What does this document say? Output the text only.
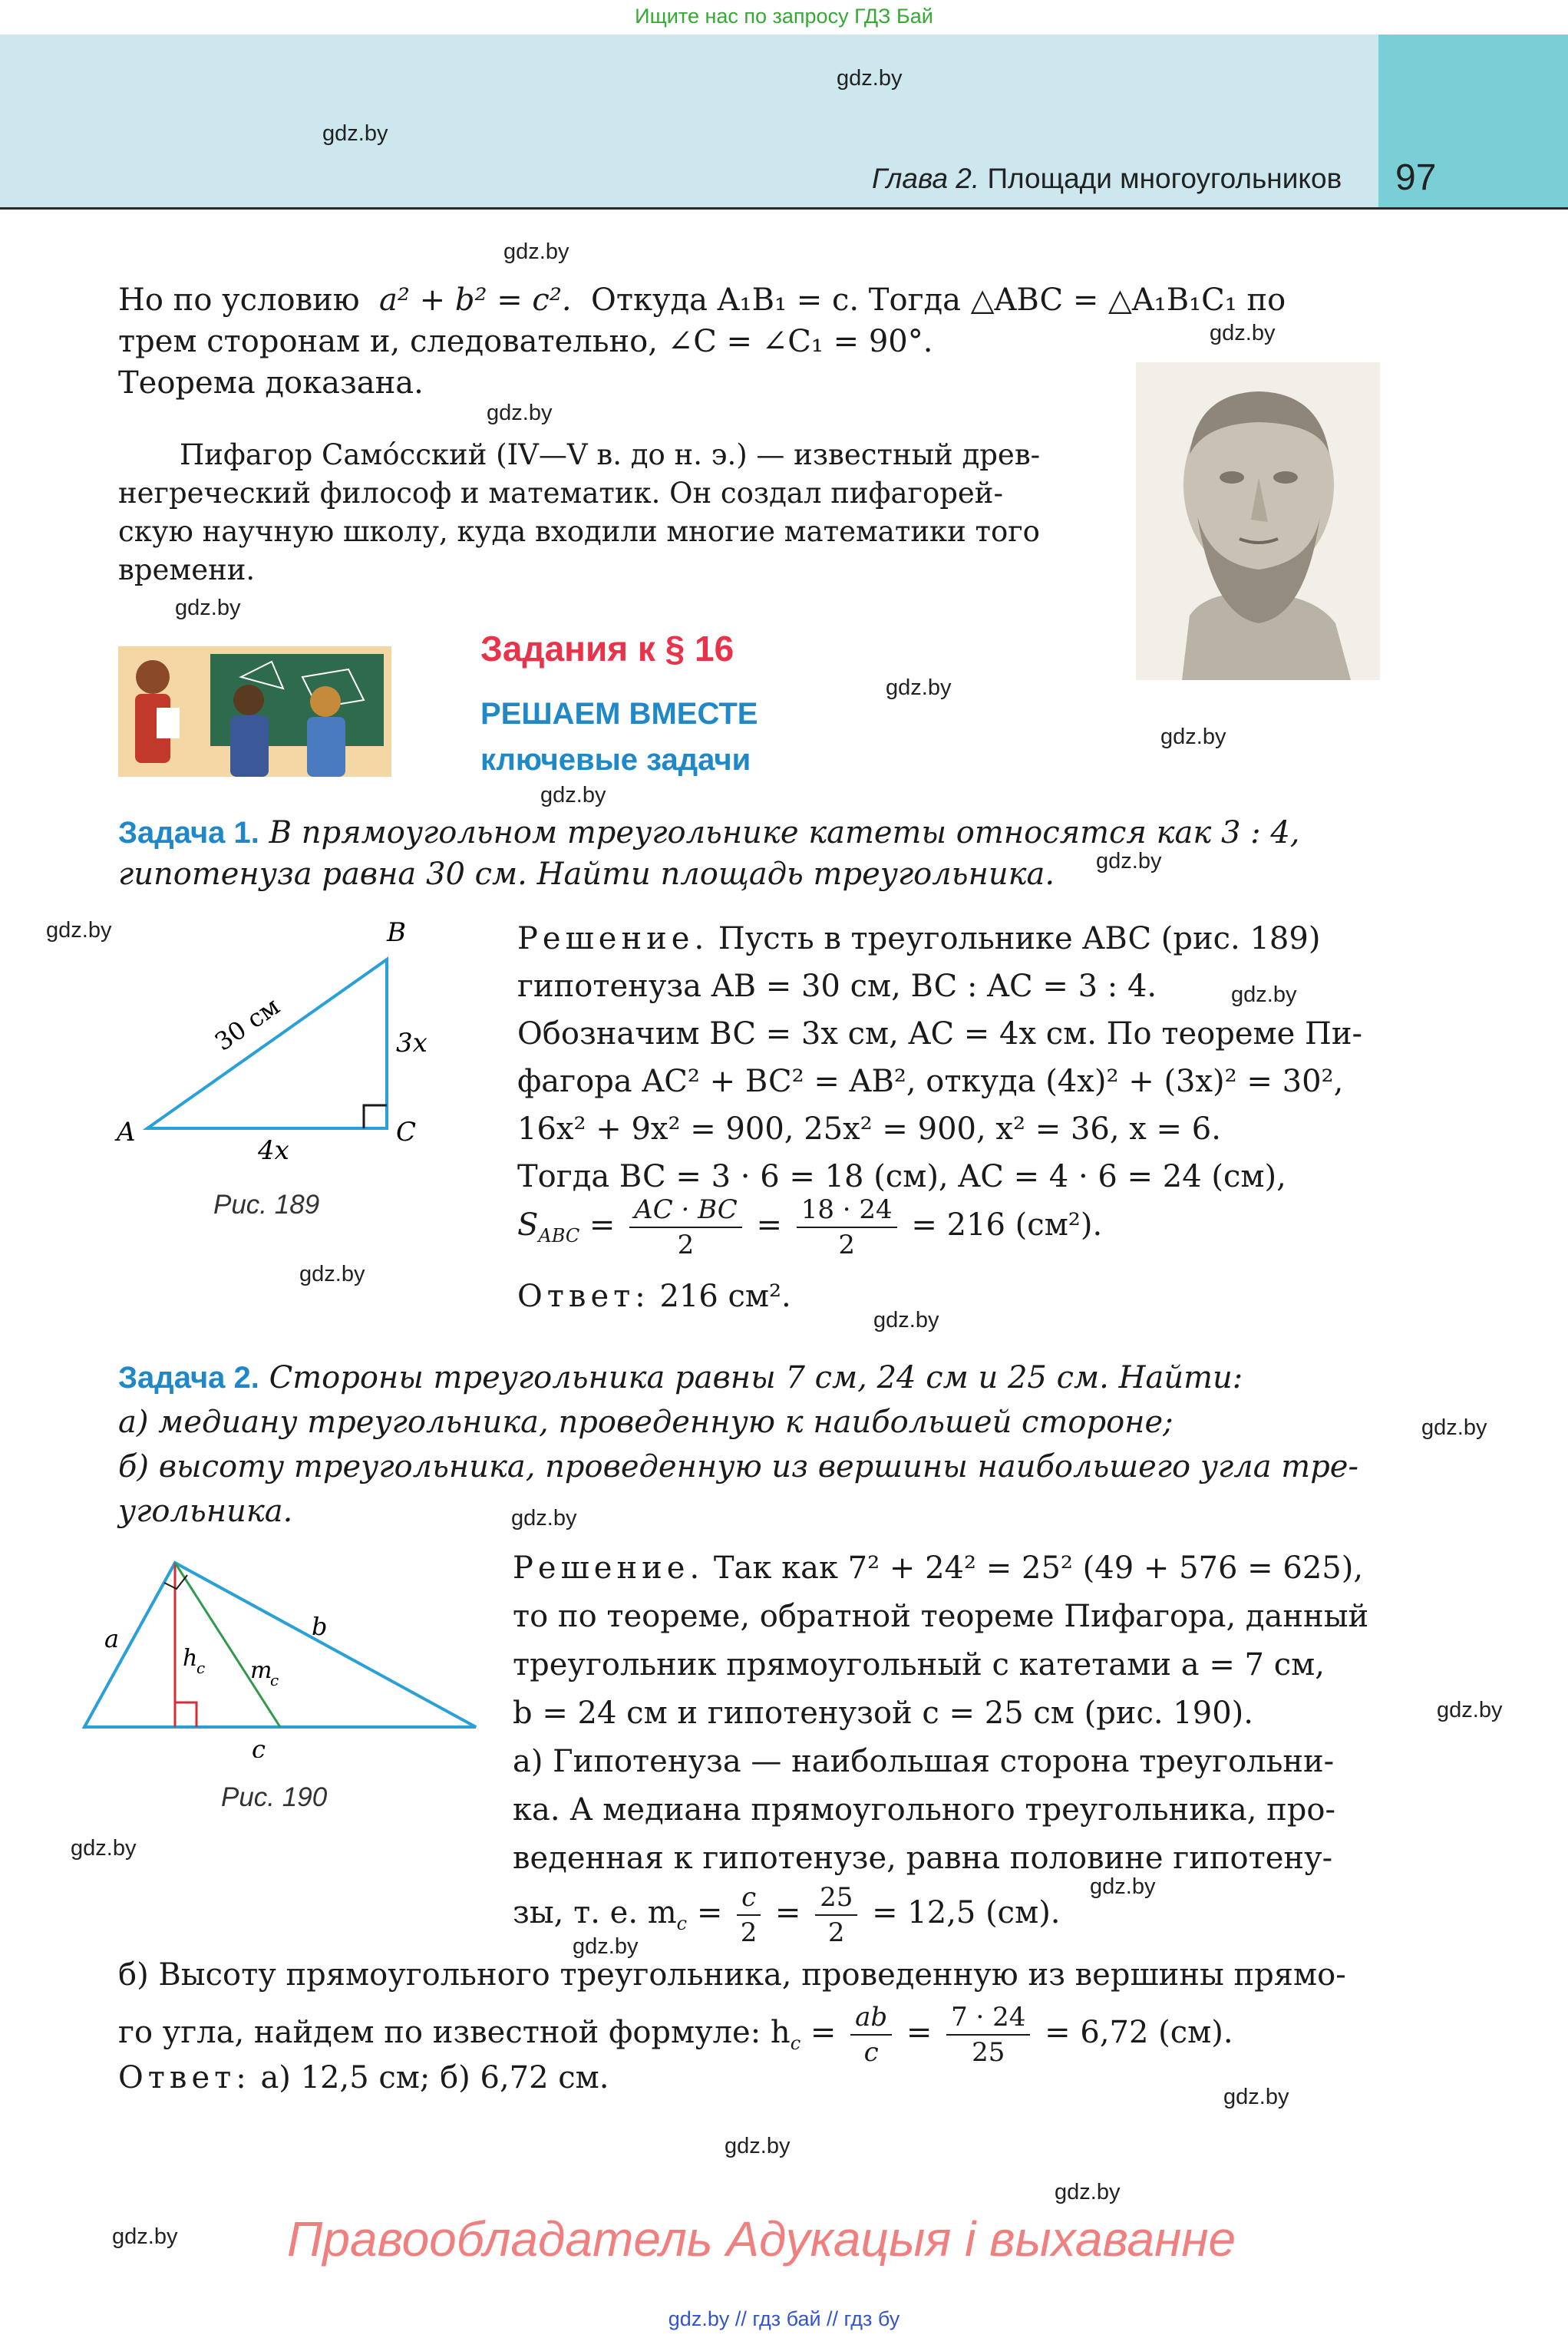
Ищите нас по запросу ГДЗ Бай
Глава 2. Площади многоугольников 97
gdz.by
gdz.by
gdz.by
gdz.by
gdz.by
gdz.by
gdz.by
gdz.by
gdz.by
gdz.by
gdz.by
gdz.by
gdz.by
gdz.by
gdz.by
gdz.by
gdz.by
gdz.by
gdz.by
gdz.by
gdz.by
gdz.by
gdz.by
gdz.by
Но по условию a² + b² = c². Откуда A₁B₁ = c. Тогда △ABC = △A₁B₁C₁ по
трем сторонам и, следовательно, ∠C = ∠C₁ = 90°.
Теорема доказана.
Пифагор Само́сский (IV—V в. до н. э.) — известный древ-
негреческий философ и математик. Он создал пифагорей-
скую научную школу, куда входили многие математики того
времени.
Задания к § 16
РЕШАЕМ ВМЕСТЕ
ключевые задачи
Задача 1. В прямоугольном треугольнике катеты относятся как 3 : 4,
гипотенуза равна 30 см. Найти площадь треугольника.
B
A	C
30 см	3x
4x
Рис. 189
Решение. Пусть в треугольнике ABC (рис. 189)
гипотенуза AB = 30 см, BC : AC = 3 : 4.
Обозначим BC = 3x см, AC = 4x см. По теореме Пи-
фагора AC² + BC² = AB², откуда (4x)² + (3x)² = 30²,
16x² + 9x² = 900, 25x² = 900, x² = 36, x = 6.
Тогда BC = 3 · 6 = 18 (см), AC = 4 · 6 = 24 (см),
$S_{ABC} = \frac{AC \cdot BC}{2} = \frac{18 \cdot 24}{2} = 216$ (см²).
Ответ: 216 см².
Задача 2. Стороны треугольника равны 7 см, 24 см и 25 см. Найти:
а) медиану треугольника, проведенную к наибольшей стороне;
б) высоту треугольника, проведенную из вершины наибольшего угла тре-
угольника.
a	b
c
h
c m
c
Рис. 190
Решение. Так как 7² + 24² = 25² (49 + 576 = 625),
то по теореме, обратной теореме Пифагора, данный
треугольник прямоугольный с катетами a = 7 см,
b = 24 см и гипотенузой c = 25 см (рис. 190).
а) Гипотенуза — наибольшая сторона треугольни-
ка. А медиана прямоугольного треугольника, про-
веденная к гипотенузе, равна половине гипотену-
зы, т. е. $m_c = \frac{c}{2} = \frac{25}{2} = 12,5$ (см).
б) Высоту прямоугольного треугольника, проведенную из вершины прямо-
го угла, найдем по известной формуле: $h_c = \frac{ab}{c} = \frac{7 \cdot 24}{25} = 6,72$ (см).
Ответ: а) 12,5 см; б) 6,72 см.
Правообладатель Адукацыя і выхаванне
gdz.by // гдз бай // гдз бу
